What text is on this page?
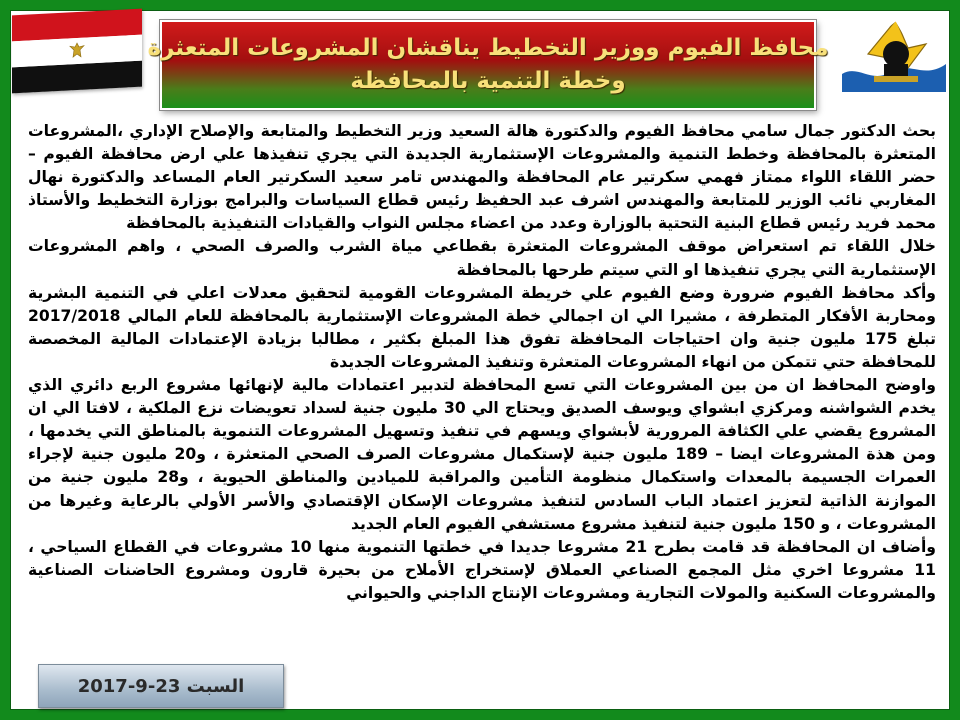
محافظ الفيوم ووزير التخطيط يناقشان المشروعات المتعثرة
وخطة التنمية بالمحافظة

بحث الدكتور جمال سامي محافظ الفيوم والدكتورة هالة السعيد وزير التخطيط والمتابعة والإصلاح الإداري ،المشروعات المتعثرة بالمحافظة وخطط التنمية والمشروعات الإستثمارية الجديدة التي يجري تنفيذها علي ارض محافظة الفيوم – حضر اللقاء اللواء ممتاز فهمي سكرتير عام المحافظة والمهندس تامر سعيد السكرتير العام المساعد والدكتورة نهال المغاربي نائب الوزير للمتابعة والمهندس اشرف عبد الحفيظ رئيس قطاع السياسات والبرامج بوزارة التخطيط والأستاذ محمد فريد رئيس قطاع البنية التحتية بالوزارة وعدد من اعضاء مجلس النواب والقيادات التنفيذية بالمحافظة

خلال اللقاء تم استعراض موقف المشروعات المتعثرة بقطاعي مياة الشرب والصرف الصحي ، واهم المشروعات الإستثمارية التي يجري تنفيذها او التي سيتم طرحها بالمحافظة

وأكد محافظ الفيوم ضرورة وضع الفيوم علي خريطة المشروعات القومية لتحقيق معدلات اعلي في التنمية البشرية ومحاربة الأفكار المتطرفة ، مشيرا الي ان اجمالي خطة المشروعات الإستثمارية بالمحافظة للعام المالي 2017/2018 تبلغ 175 مليون جنية وان احتياجات المحافظة تفوق هذا المبلغ بكثير ، مطالبا بزيادة الإعتمادات المالية المخصصة للمحافظة حتي تتمكن من انهاء المشروعات المتعثرة وتنفيذ المشروعات الجديدة

واوضح المحافظ ان من بين المشروعات التي تسع المحافظة لتدبير اعتمادات مالية لإنهائها مشروع الربع دائري الذي يخدم الشواشنه ومركزي ابشواي ويوسف الصديق ويحتاج الي 30 مليون جنية لسداد تعويضات نزع الملكية ، لافتا الي ان المشروع يقضي علي الكثافة المرورية لأبشواي ويسهم في تنفيذ وتسهيل المشروعات التنموية بالمناطق التي يخدمها ، ومن هذة المشروعات ايضا – 189 مليون جنية لإستكمال مشروعات الصرف الصحي المتعثرة ، و20 مليون جنية لإجراء العمرات الجسيمة بالمعدات واستكمال منظومة التأمين والمراقبة للميادين والمناطق الحيوية ، و28 مليون جنية من الموازنة الذاتية لتعزيز اعتماد الباب السادس لتنفيذ مشروعات الإسكان الإقتصادي والأسر الأولي بالرعاية وغيرها من المشروعات ، و 150 مليون جنية لتنفيذ مشروع مستشفي الفيوم العام الجديد

وأضاف ان المحافظة قد قامت بطرح 21 مشروعا جديدا في خطتها التنموية منها 10 مشروعات في القطاع السياحي ، 11 مشروعا اخري مثل المجمع الصناعي العملاق لإستخراج الأملاح من بحيرة قارون ومشروع الحاضنات الصناعية والمشروعات السكنية والمولات التجارية ومشروعات الإنتاج الداجني والحيواني

السبت 23-9-2017
